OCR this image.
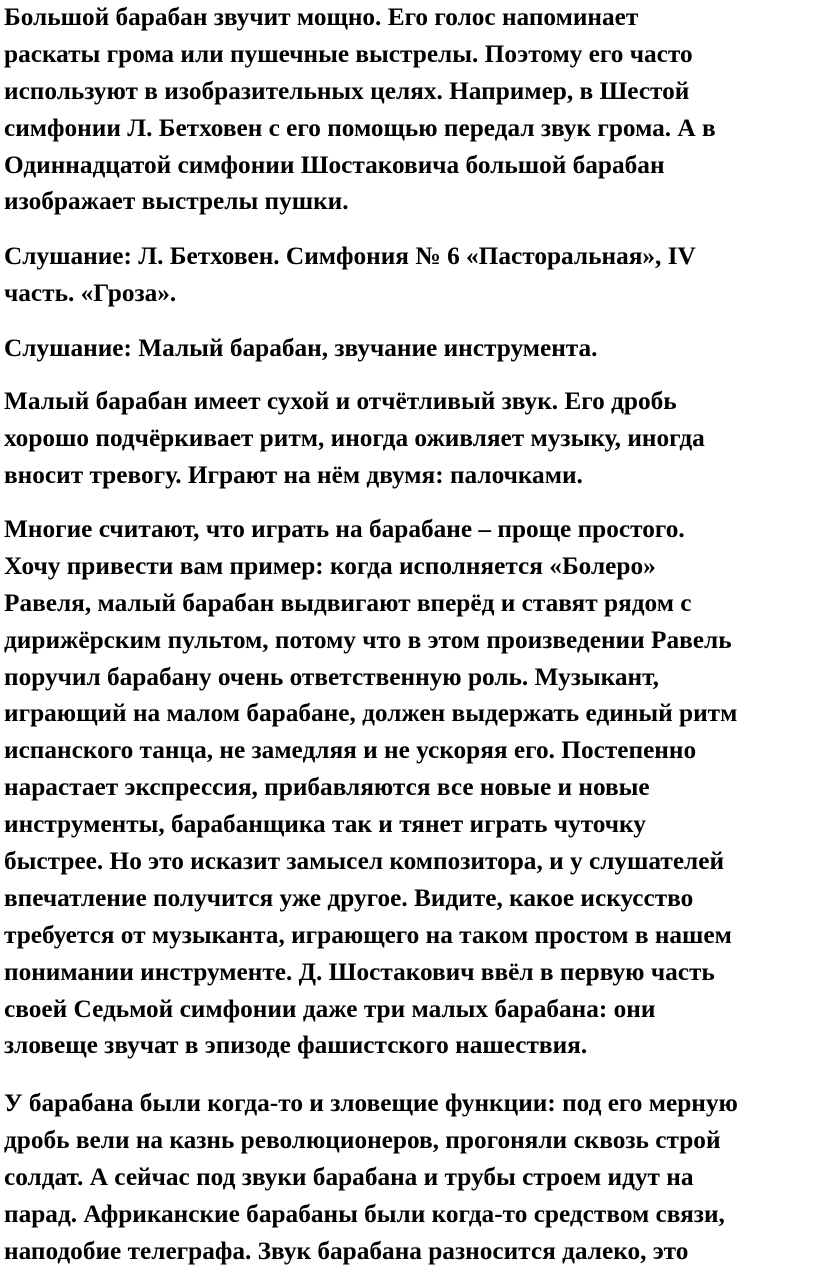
Большой барабан звучит мощно. Его голос напоминает
раскаты грома или пушечные выстрелы. Поэтому его часто
используют в изобразительных целях. Например, в Шестой
симфонии Л. Бетховен с его помощью передал звук грома. А в
Одиннадцатой симфонии Шостаковича большой барабан
изображает выстрелы пушки.
Слушание: Л. Бетховен. Симфония № 6 «Пасторальная», IV
часть. «Гроза».
Слушание: Малый барабан, звучание инструмента.
Малый барабан имеет сухой и отчётливый звук. Его дробь
хорошо подчёркивает ритм, иногда оживляет музыку, иногда
вносит тревогу. Играют на нём двумя: палочками.
Многие считают, что играть на барабане – проще простого.
Хочу привести вам пример: когда исполняется «Болеро»
Равеля, малый барабан выдвигают вперёд и ставят рядом с
дирижёрским пультом, потому что в этом произведении Равель
поручил барабану очень ответственную роль. Музыкант,
играющий на малом барабане, должен выдержать единый ритм
испанского танца, не замедляя и не ускоряя его. Постепенно
нарастает экспрессия, прибавляются все новые и новые
инструменты, барабанщика так и тянет играть чуточку
быстрее. Но это исказит замысел композитора, и у слушателей
впечатление получится уже другое. Видите, какое искусство
требуется от музыканта, играющего на таком простом в нашем
понимании инструменте. Д. Шостакович ввёл в первую часть
своей Седьмой симфонии даже три малых барабана: они
зловеще звучат в эпизоде фашистского нашествия.
У барабана были когда-то и зловещие функции: под его мерную
дробь вели на казнь революционеров, прогоняли сквозь строй
солдат. А сейчас под звуки барабана и трубы строем идут на
парад. Африканские барабаны были когда-то средством связи,
наподобие телеграфа. Звук барабана разносится далеко, это
